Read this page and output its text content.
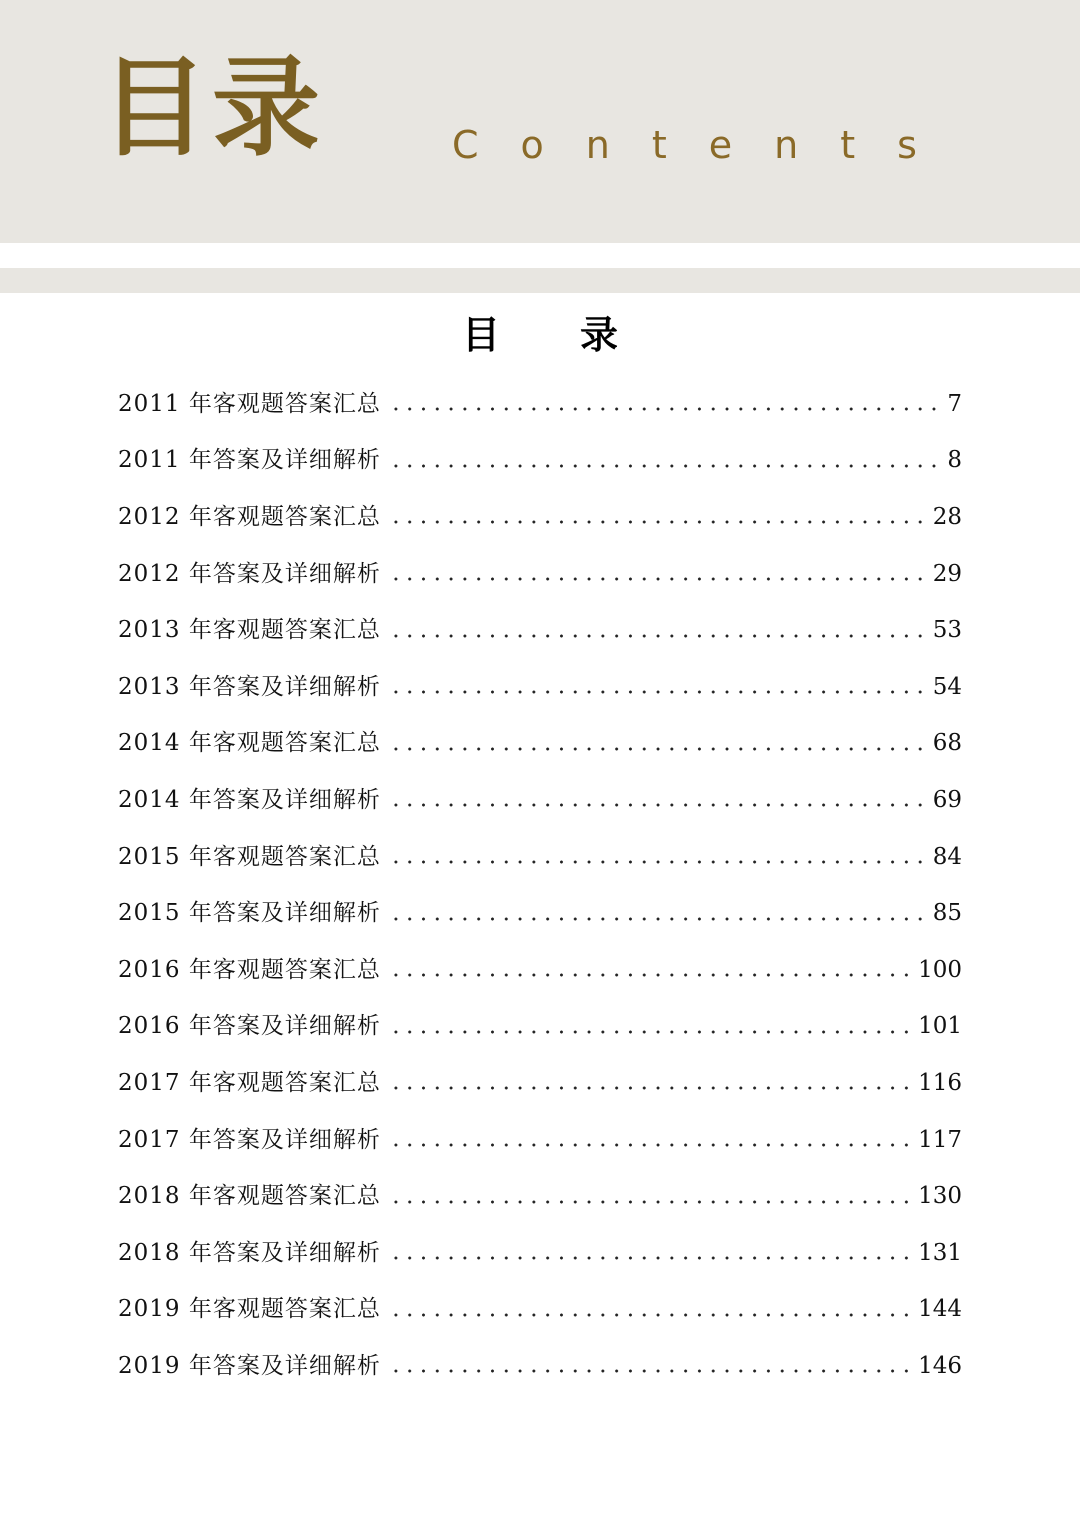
目录	Contents
目 录
2011 年客观题答案汇总	7
2011 年答案及详细解析	8
2012 年客观题答案汇总	28
2012 年答案及详细解析	29
2013 年客观题答案汇总	53
2013 年答案及详细解析	54
2014 年客观题答案汇总	68
2014 年答案及详细解析	69
2015 年客观题答案汇总	84
2015 年答案及详细解析	85
2016 年客观题答案汇总	100
2016 年答案及详细解析	101
2017 年客观题答案汇总	116
2017 年答案及详细解析	117
2018 年客观题答案汇总	130
2018 年答案及详细解析	131
2019 年客观题答案汇总	144
2019 年答案及详细解析	146
